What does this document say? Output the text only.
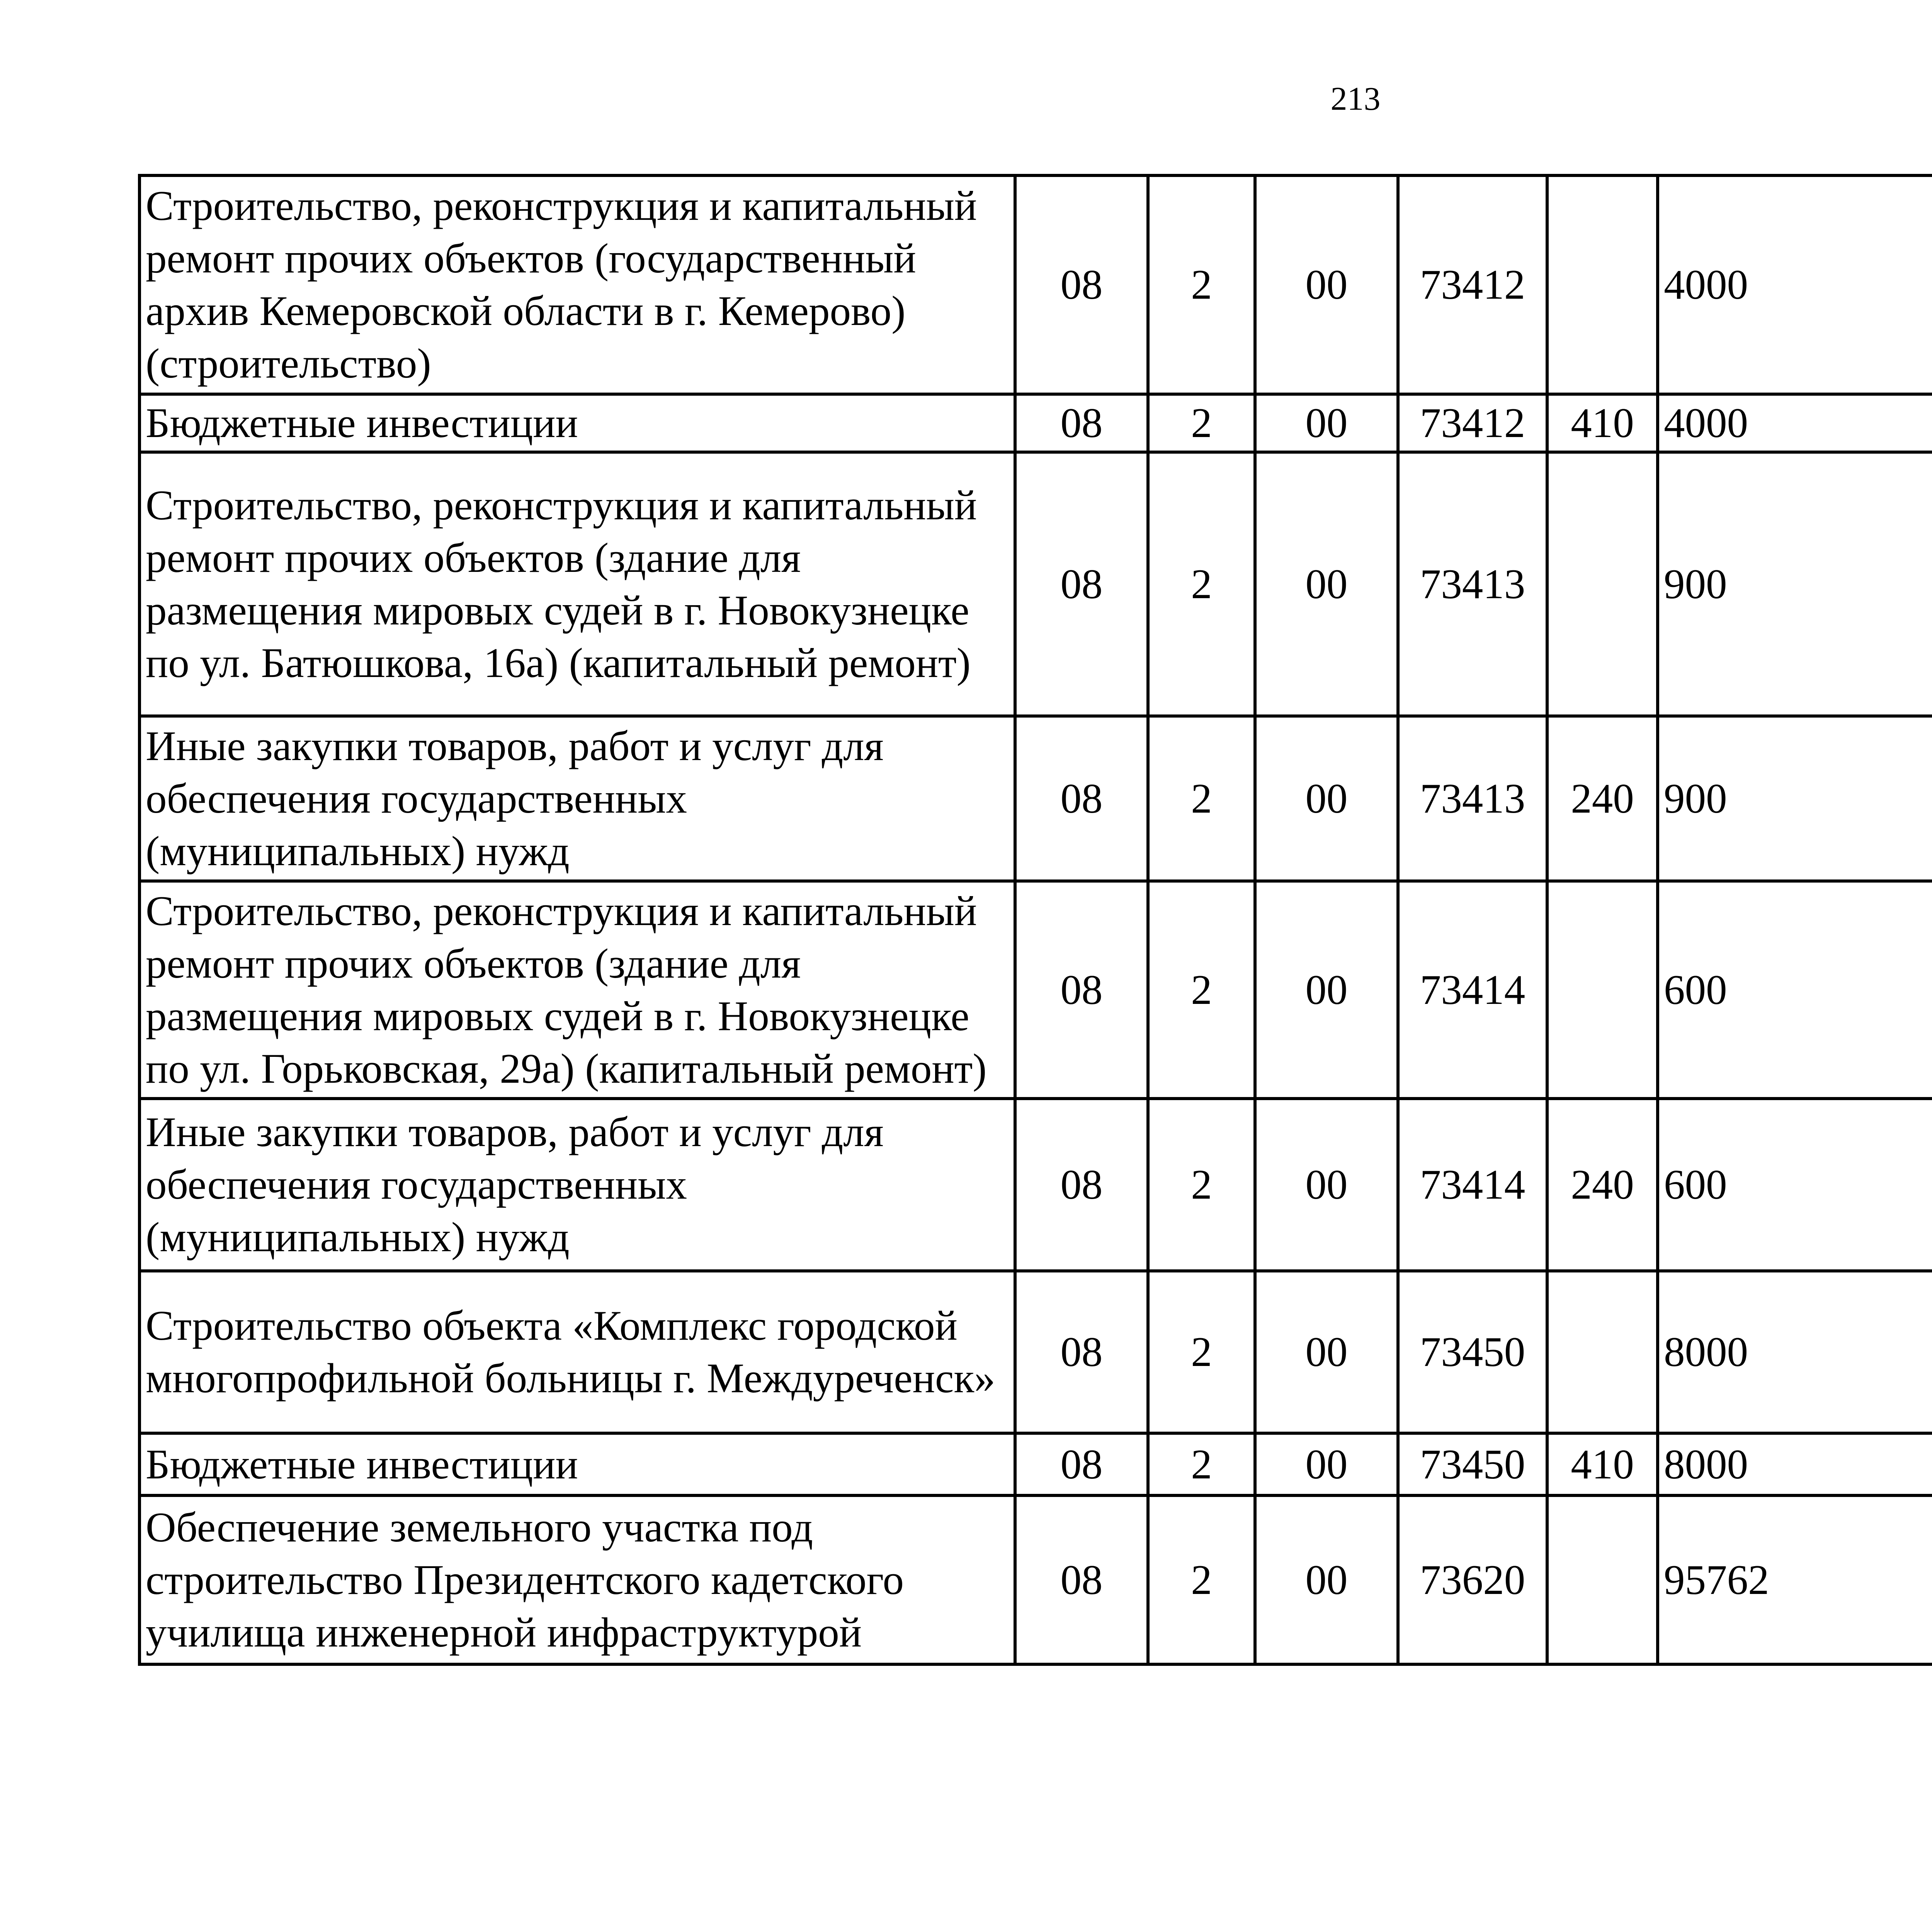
213
Строительство, реконструкция и капитальный ремонт прочих объектов (государственный архив Кемеровской области в г. Кемерово) (строительство)	08	2	00	73412		4000		
Бюджетные инвестиции	08	2	00	73412	410	4000		
Строительство, реконструкция и капитальный ремонт прочих объектов (здание для размещения мировых судей в г. Новокузнецке по ул. Батюшкова, 16а) (капитальный ремонт)	08	2	00	73413		900		
Иные закупки товаров, работ и услуг для обеспечения государственных (муниципальных) нужд	08	2	00	73413	240	900		
Строительство, реконструкция и капитальный ремонт прочих объектов (здание для размещения мировых судей в г. Новокузнецке по ул. Горьковская, 29а) (капитальный ремонт)	08	2	00	73414		600		
Иные закупки товаров, работ и услуг для обеспечения государственных (муниципальных) нужд	08	2	00	73414	240	600		
Строительство объекта «Комплекс городской многопрофильной больницы г. Междуреченск»	08	2	00	73450		8000		
Бюджетные инвестиции	08	2	00	73450	410	8000		
Обеспечение земельного участка под строительство Президентского кадетского училища инженерной инфраструктурой	08	2	00	73620		95762		
